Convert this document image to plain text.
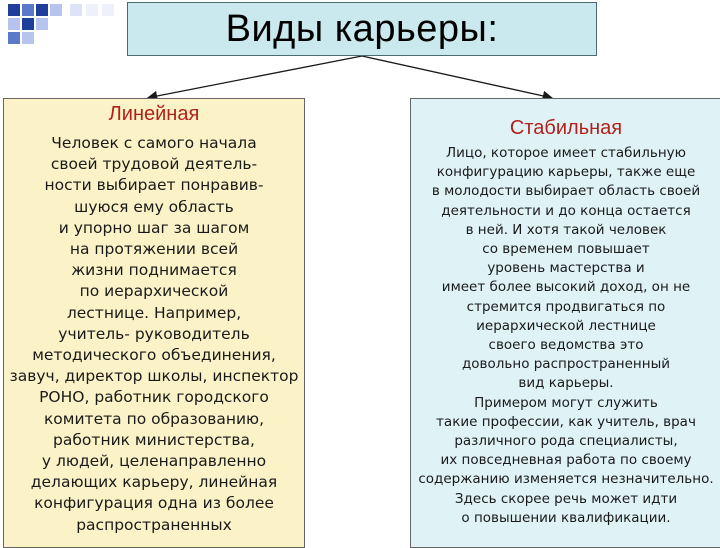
Виды карьеры:
Линейная
Человек с самого начала
своей трудовой деятель-
ности выбирает понравив-
шуюся ему область
и упорно шаг за шагом
на протяжении всей
жизни поднимается
по иерархической
лестнице. Например,
учитель- руководитель
методического объединения,
завуч, директор школы, инспектор
РОНО, работник городского
комитета по образованию,
работник министерства,
у людей, целенаправленно
делающих карьеру, линейная
конфигурация одна из более
распространенных
Стабильная
Лицо, которое имеет стабильную
конфигурацию карьеры, также еще
в молодости выбирает область своей
деятельности и до конца остается
в ней. И хотя такой человек
со временем повышает
уровень мастерства и
имеет более высокий доход, он не
стремится продвигаться по
иерархической лестнице
своего ведомства это
довольно распространенный
вид карьеры.
Примером могут служить
такие профессии, как учитель, врач
различного рода специалисты,
их повседневная работа по своему
содержанию изменяется незначительно.
Здесь скорее речь может идти
о повышении квалификации.
